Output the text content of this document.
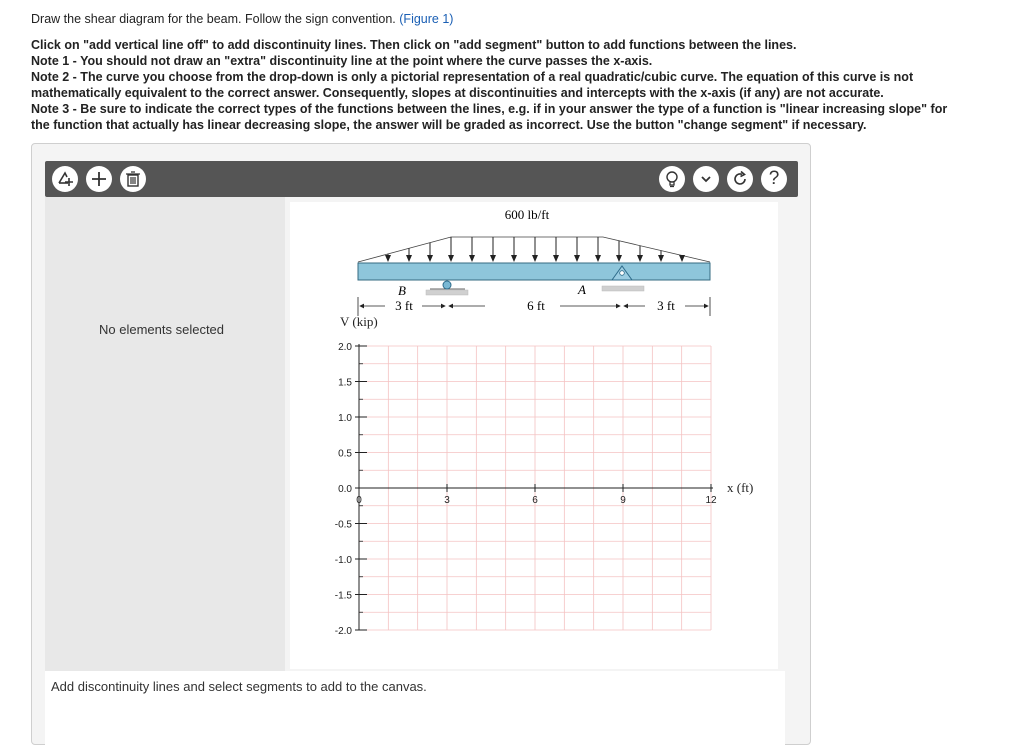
Draw the shear diagram for the beam. Follow the sign convention. (Figure 1)
Click on "add vertical line off" to add discontinuity lines. Then click on "add segment" button to add functions between the lines.
Note 1 - You should not draw an "extra" discontinuity line at the point where the curve passes the x-axis.
Note 2 - The curve you choose from the drop-down is only a pictorial representation of a real quadratic/cubic curve. The equation of this curve is not
mathematically equivalent to the correct answer. Consequently, slopes at discontinuities and intercepts with the x-axis (if any) are not accurate.
Note 3 - Be sure to indicate the correct types of the functions between the lines, e.g. if in your answer the type of a function is "linear increasing slope" for
the function that actually has linear decreasing slope, the answer will be graded as incorrect. Use the button "change segment" if necessary.
?
No elements selected
600 lb/ft
B	A
3 ft	6 ft	3 ft
2.0
1.5
1.0
0.5
0.0
-0.5
-1.0
-1.5
-2.0
0	3	6	9	12
V (kip)
x (ft)
Add discontinuity lines and select segments to add to the canvas.
